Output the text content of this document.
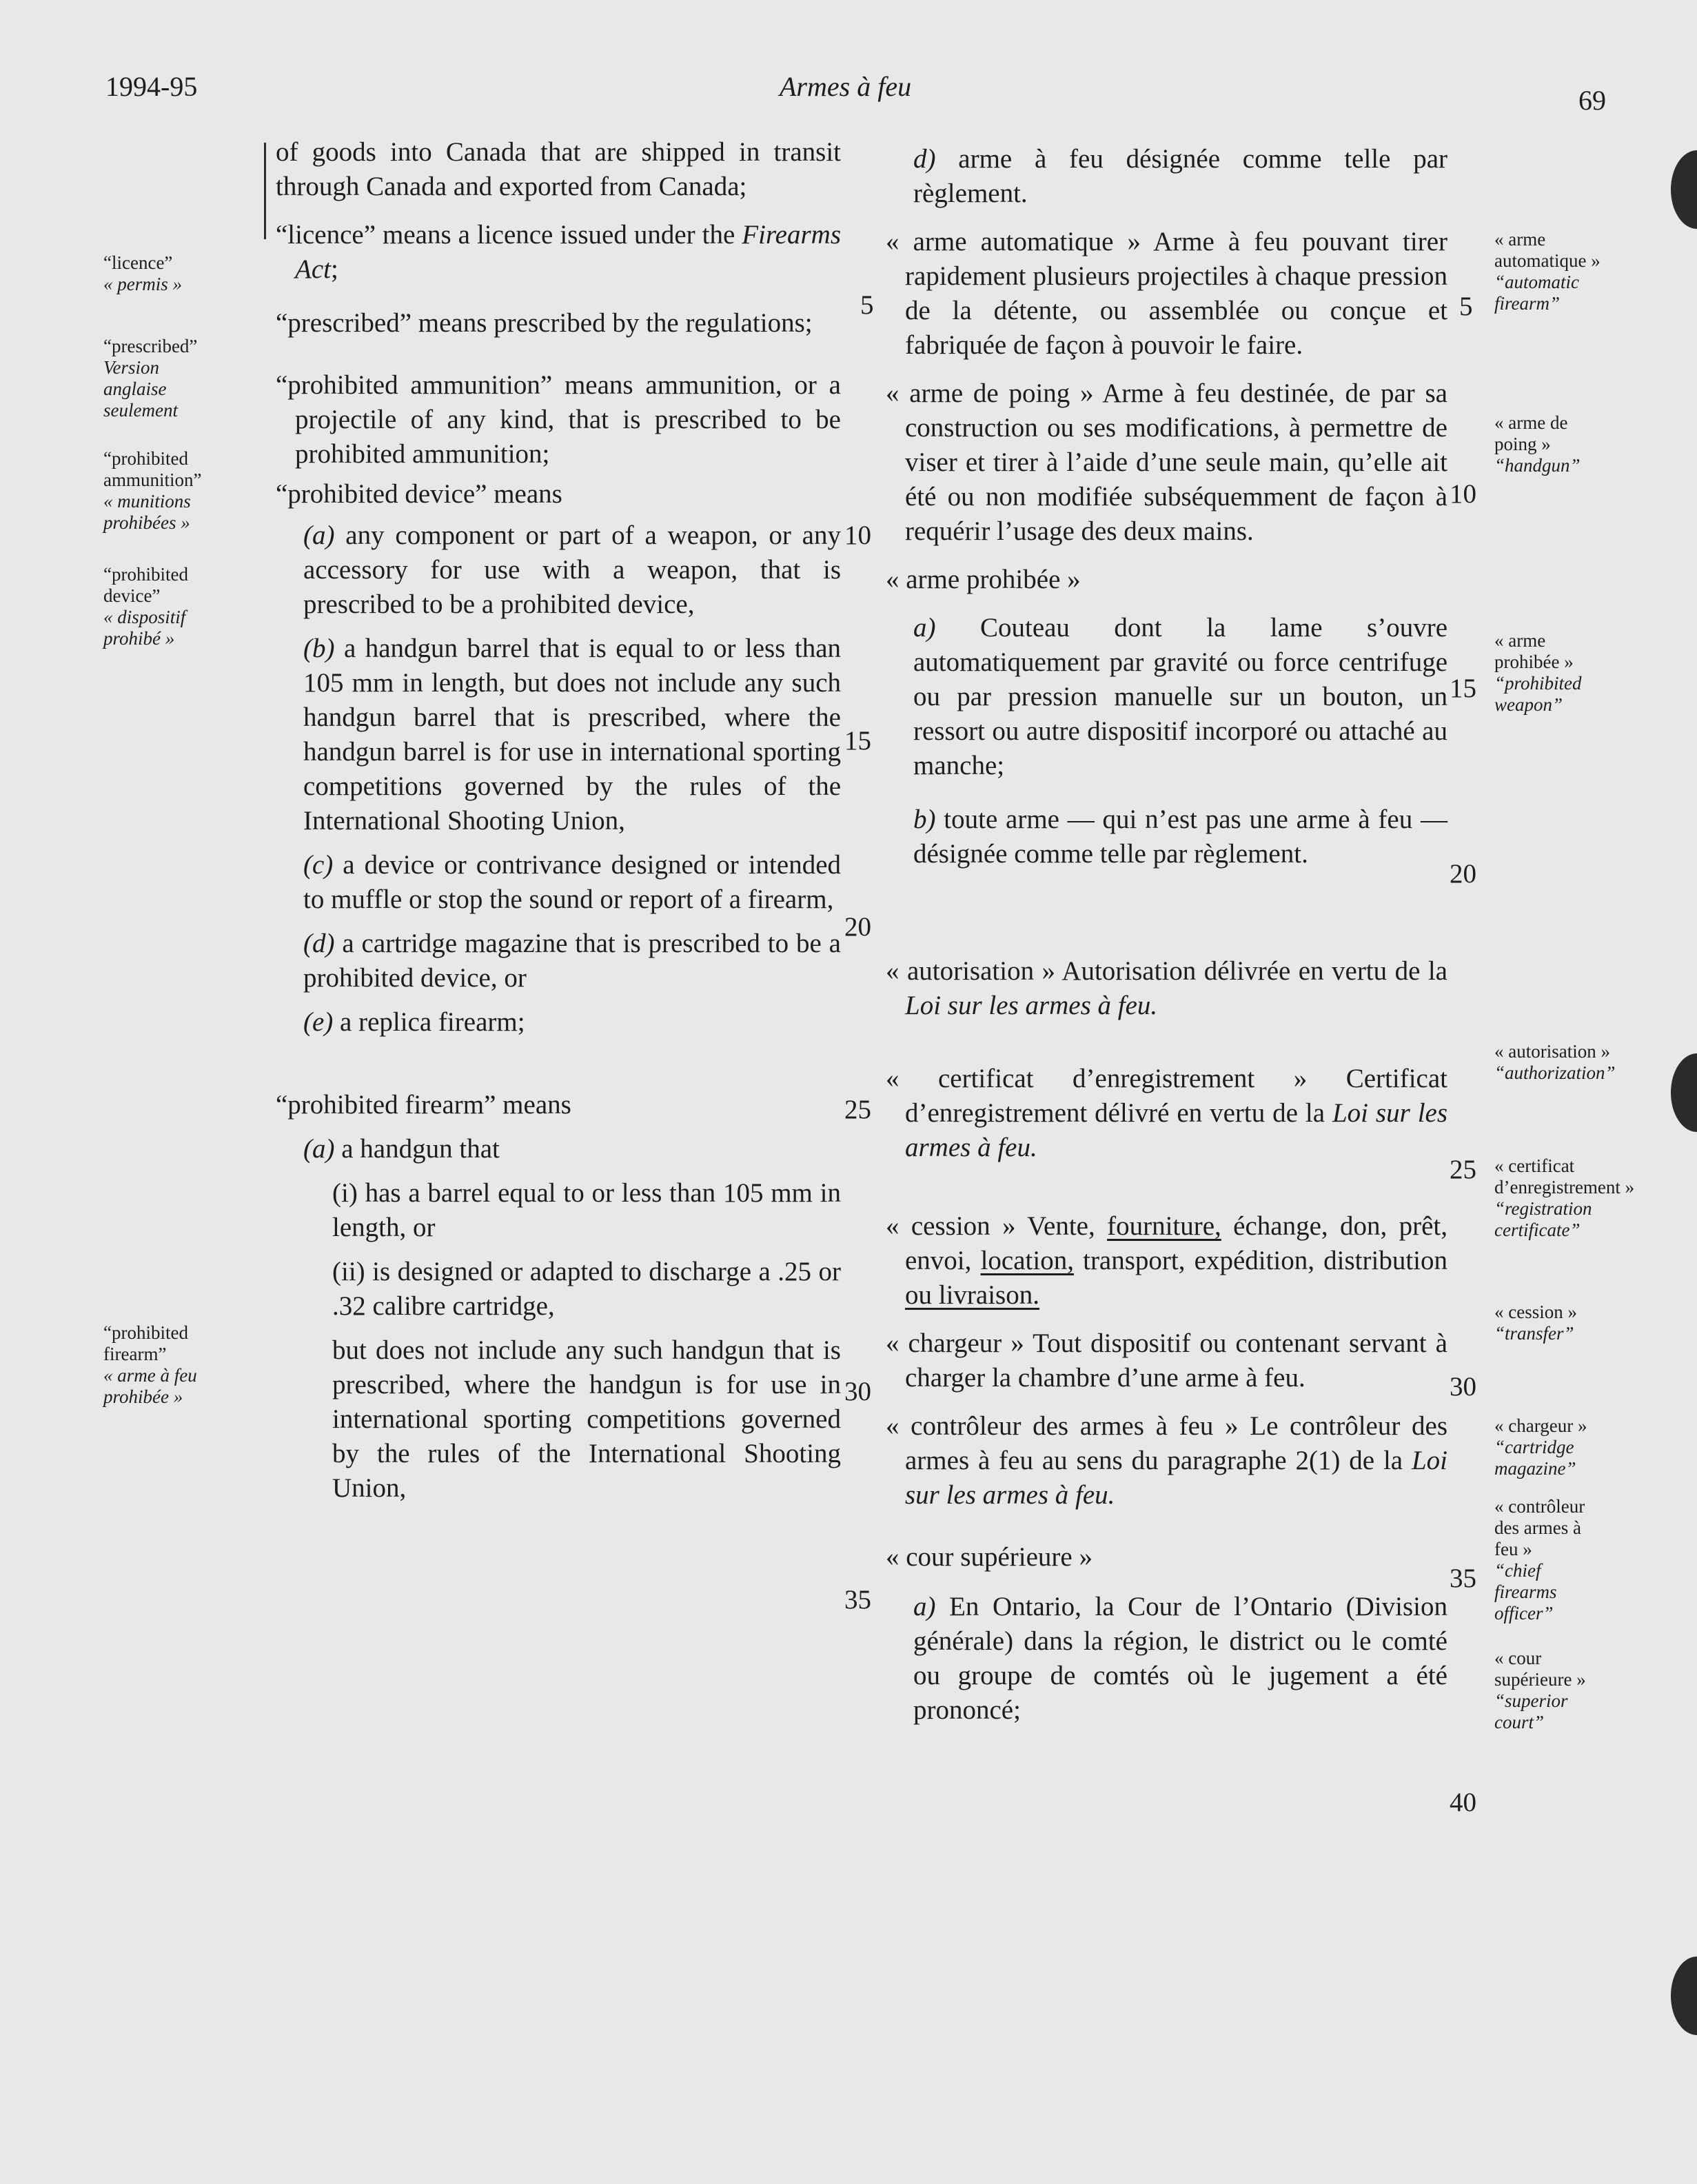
1994-95	Armes à feu	69
“licence”
« permis »
“prescribed”
Version
anglaise
seulement
“prohibited
ammunition”
« munitions
prohibées »
“prohibited
device”
« dispositif
prohibé »
“prohibited
firearm”
« arme à feu
prohibée »

of goods into Canada that are shipped in transit through Canada and exported from Canada;

“licence” means a licence issued under the Firearms Act;

“prescribed” means prescribed by the regulations;

“prohibited ammunition” means ammunition, or a projectile of any kind, that is prescribed to be prohibited ammunition;

“prohibited device” means

(a) any component or part of a weapon, or any accessory for use with a weapon, that is prescribed to be a prohibited device,

(b) a handgun barrel that is equal to or less than 105 mm in length, but does not include any such handgun barrel that is prescribed, where the handgun barrel is for use in international sporting competitions governed by the rules of the International Shooting Union,

(c) a device or contrivance designed or intended to muffle or stop the sound or report of a firearm,

(d) a cartridge magazine that is prescribed to be a prohibited device, or

(e) a replica firearm;

“prohibited firearm” means

(a) a handgun that

(i) has a barrel equal to or less than 105 mm in length, or

(ii) is designed or adapted to discharge a .25 or .32 calibre cartridge,

but does not include any such handgun that is prescribed, where the handgun is for use in international sporting competitions governed by the rules of the International Shooting Union,

5
10
15
20
25
30
35

d) arme à feu désignée comme telle par règlement.

« arme automatique » Arme à feu pouvant tirer rapidement plusieurs projectiles à chaque pression de la détente, ou assemblée ou conçue et fabriquée de façon à pouvoir le faire.

« arme de poing » Arme à feu destinée, de par sa construction ou ses modifications, à permettre de viser et tirer à l’aide d’une seule main, qu’elle ait été ou non modifiée subséquemment de façon à requérir l’usage des deux mains.

« arme prohibée »

a) Couteau dont la lame s’ouvre automatiquement par gravité ou force centrifuge ou par pression manuelle sur un bouton, un ressort ou autre dispositif incorporé ou attaché au manche;

b) toute arme — qui n’est pas une arme à feu — désignée comme telle par règlement.

« autorisation » Autorisation délivrée en vertu de la Loi sur les armes à feu.

« certificat d’enregistrement » Certificat d’enregistrement délivré en vertu de la Loi sur les armes à feu.

« cession » Vente, fourniture, échange, don, prêt, envoi, location, transport, expédition, distribution ou livraison.

« chargeur » Tout dispositif ou contenant servant à charger la chambre d’une arme à feu.

« contrôleur des armes à feu » Le contrôleur des armes à feu au sens du paragraphe 2(1) de la Loi sur les armes à feu.

« cour supérieure »

a) En Ontario, la Cour de l’Ontario (Division générale) dans la région, le district ou le comté ou groupe de comtés où le jugement a été prononcé;

5
10
15
20
25
30
35
40
« arme
automatique »
“automatic
firearm”
« arme de
poing »
“handgun”
« arme
prohibée »
“prohibited
weapon”
« autorisation »
“authorization”
« certificat
d’enregistrement »
“registration
certificate”
« cession »
“transfer”
« chargeur »
“cartridge
magazine”
« contrôleur
des armes à
feu »
“chief
firearms
officer”
« cour
supérieure »
“superior
court”
